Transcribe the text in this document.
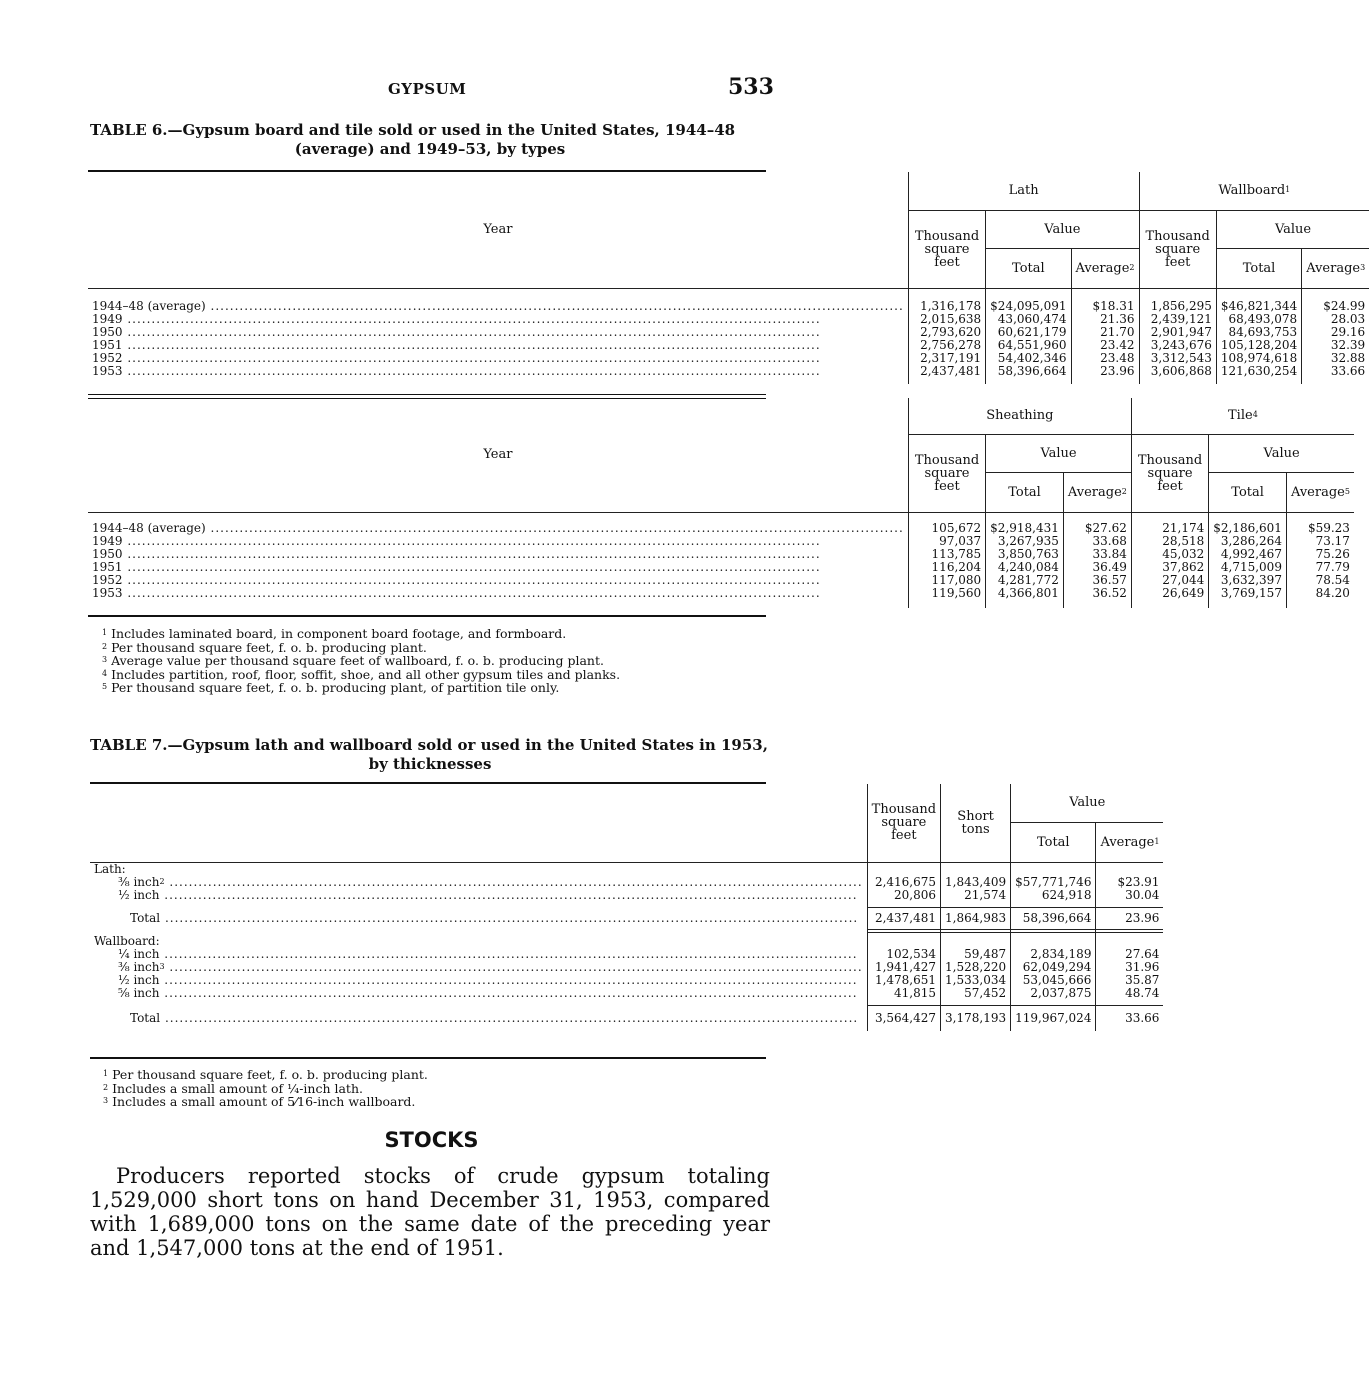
GYPSUM	533
TABLE 6.—Gypsum board and tile sold or used in the United States, 1944–48
(average) and 1949–53, by types
Year	Lath			Wallboard$^1$
	Thousand square feet	Value		Thousand square feet	Value	
		Total	Average$^2$		Total	Average$^3$

1944–48 (average) .....	1,316,178	$24,095,091	$18.31	1,856,295	$46,821,344	$24.99
1949 .....	2,015,638	43,060,474	21.36	2,439,121	68,493,078	28.03
1950 .....	2,793,620	60,621,179	21.70	2,901,947	84,693,753	29.16
1951 .....	2,756,278	64,551,960	23.42	3,243,676	105,128,204	32.39
1952 .....	2,317,191	54,402,346	23.48	3,312,543	108,974,618	32.88
1953 .....	2,437,481	58,396,664	23.96	3,606,868	121,630,254	33.66

Year	Sheathing			Tile$^4$
	Thousand square feet	Value		Thousand square feet	Value	
		Total	Average$^2$		Total	Average$^5$

1944–48 (average) .....	105,672	$2,918,431	$27.62	21,174	$2,186,601	$59.23
1949 .....	97,037	3,267,935	33.68	28,518	3,286,264	73.17
1950 .....	113,785	3,850,763	33.84	45,032	4,992,467	75.26
1951 .....	116,204	4,240,084	36.49	37,862	4,715,009	77.79
1952 .....	117,080	4,281,772	36.57	27,044	3,632,397	78.54
1953 .....	119,560	4,366,801	36.52	26,649	3,769,157	84.20

$^1$ Includes laminated board, in component board footage, and formboard.
$^2$ Per thousand square feet, f. o. b. producing plant.
$^3$ Average value per thousand square feet of wallboard, f. o. b. producing plant.
$^4$ Includes partition, roof, floor, soffit, shoe, and all other gypsum tiles and planks.
$^5$ Per thousand square feet, f. o. b. producing plant, of partition tile only.
TABLE 7.—Gypsum lath and wallboard sold or used in the United States in 1953,
by thicknesses
	Thousand square feet	Short tons	Value	
			Total	Average$^1$
Lath:				
⅜ inch$^2$ .....	2,416,675	1,843,409	$57,771,746	$23.91
½ inch .....	20,806	21,574	624,918	30.04

Total .....	2,437,481	1,864,983	58,396,664	23.96

Wallboard:				
¼ inch .....	102,534	59,487	2,834,189	27.64
⅜ inch$^3$ .....	1,941,427	1,528,220	62,049,294	31.96
½ inch .....	1,478,651	1,533,034	53,045,666	35.87
⅝ inch .....	41,815	57,452	2,037,875	48.74

Total .....	3,564,427	3,178,193	119,967,024	33.66
$^1$ Per thousand square feet, f. o. b. producing plant.
$^2$ Includes a small amount of ¼-inch lath.
$^3$ Includes a small amount of 5⁄16-inch wallboard.
STOCKS
Producers reported stocks of crude gypsum totaling 1,529,000 short tons on hand December 31, 1953, compared with 1,689,000 tons on the same date of the preceding year and 1,547,000 tons at the end of 1951.
